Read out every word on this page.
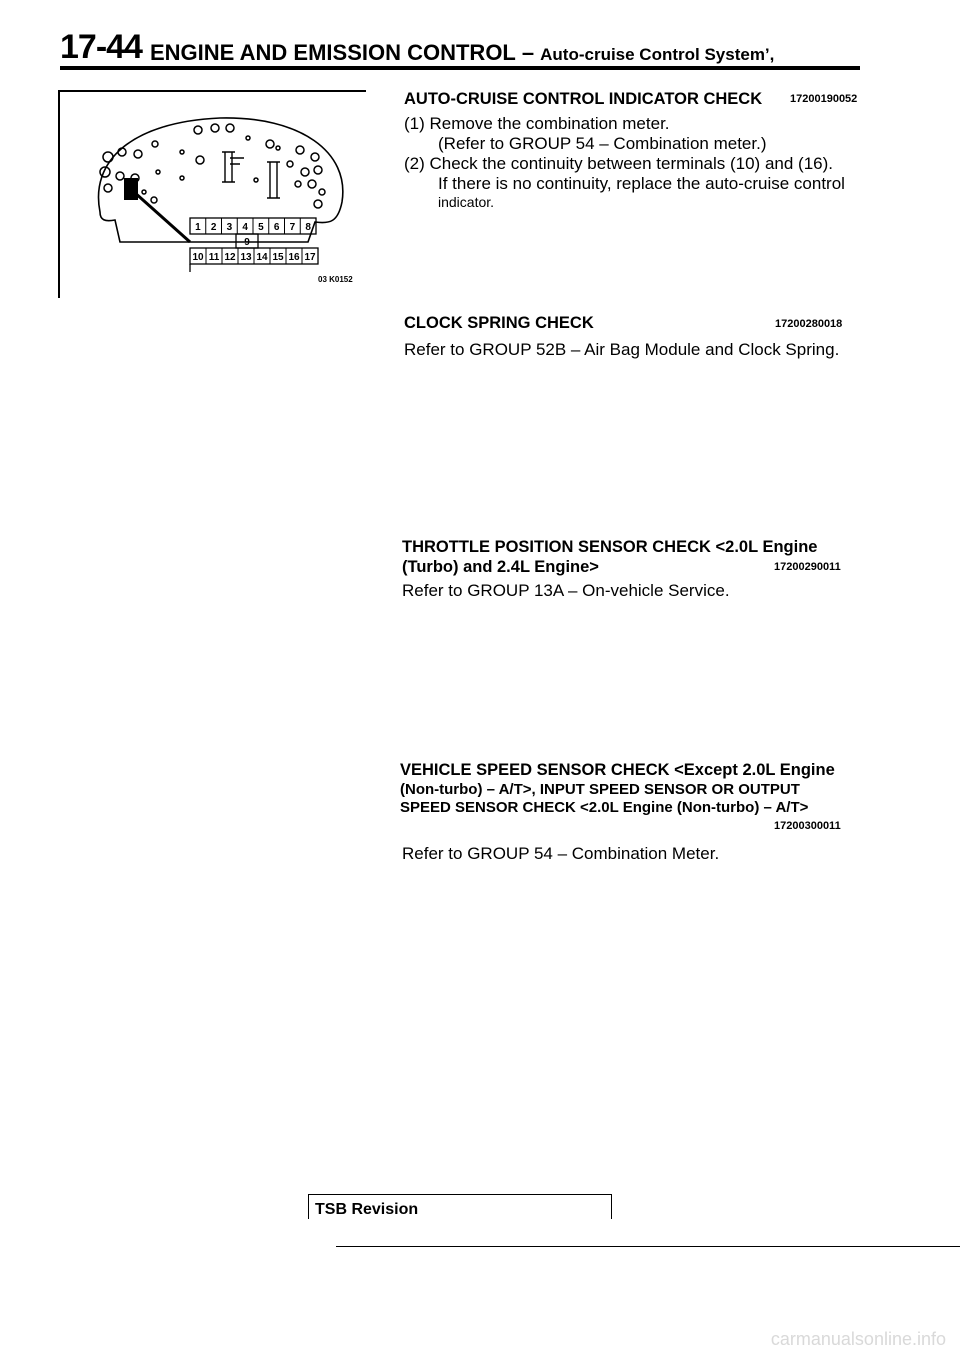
17-44 ENGINE AND EMISSION CONTROL – Auto-cruise Control System’,
1 2 3 4 5 6 7 8
10 11 12 13 14 15 16 17
9
03 K0152
AUTO-CRUISE CONTROL INDICATOR CHECK	17200190052
(1) Remove the combination meter.
(Refer to GROUP 54 – Combination meter.)
(2) Check the continuity between terminals (10) and (16).
If there is no continuity, replace the auto-cruise control
indicator.
CLOCK SPRING CHECK	17200280018
Refer to GROUP 52B – Air Bag Module and Clock Spring.
THROTTLE POSITION SENSOR CHECK <2.0L Engine
(Turbo) and 2.4L Engine>	17200290011
Refer to GROUP 13A – On-vehicle Service.
VEHICLE SPEED SENSOR CHECK <Except 2.0L Engine
(Non-turbo) – A/T>, INPUT SPEED SENSOR OR OUTPUT
SPEED SENSOR CHECK <2.0L Engine (Non-turbo) – A/T>
17200300011
Refer to GROUP 54 – Combination Meter.
TSB Revision
carmanualsonline.info
